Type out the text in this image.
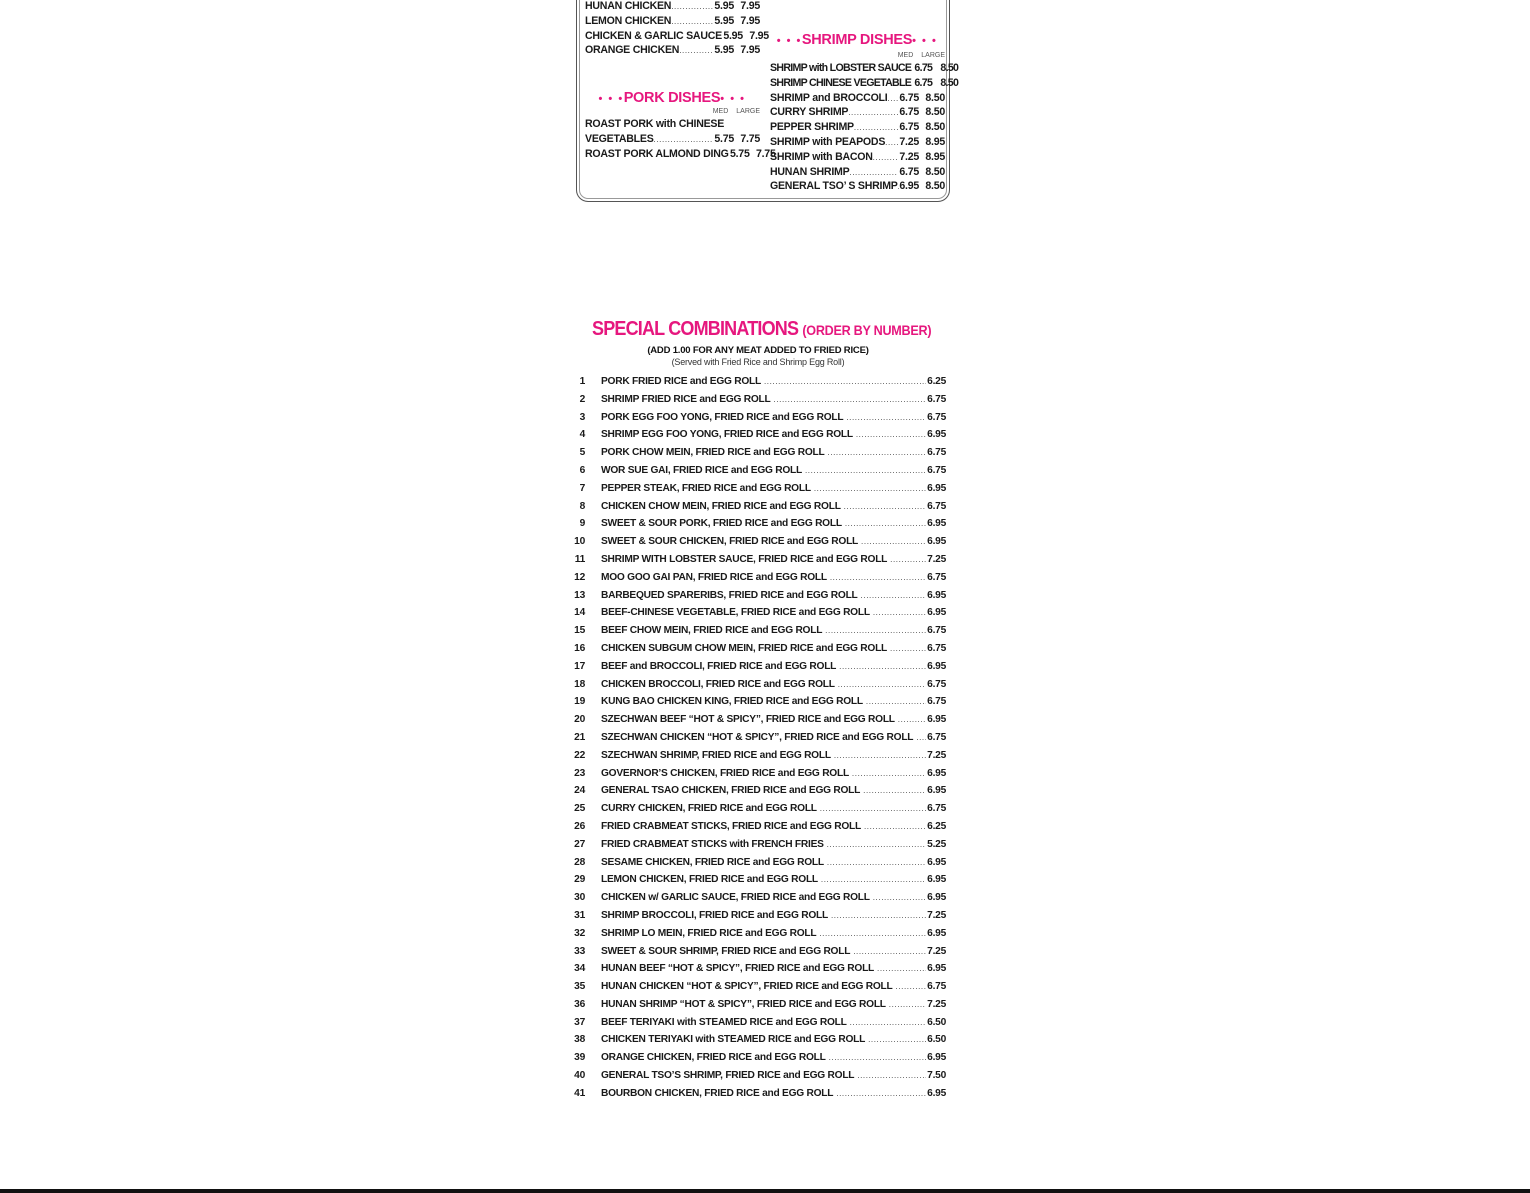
HUNAN CHICKEN .....	5.95 7.95
LEMON CHICKEN .....	5.95 7.95
CHICKEN & GARLIC SAUCE 5.95 7.95
ORANGE CHICKEN .....	5.95 7.95
• • •PORK DISHES• • •
MED LARGE
ROAST PORK with CHINESE
VEGETABLES .....	5.75 7.75
ROAST PORK ALMOND DING 5.75 7.75
• • •SHRIMP DISHES• • •
MED LARGE
SHRIMP with LOBSTER SAUCE 6.75 8.50
SHRIMP CHINESE VEGETABLE 6.75 8.50
SHRIMP and BROCCOLI ..... 6.75 8.50
CURRY SHRIMP .....	6.75 8.50
PEPPER SHRIMP .....	6.75 8.50
SHRIMP with PEAPODS ..... 7.25 8.95
SHRIMP with BACON .....	7.25 8.95
HUNAN SHRIMP .....	6.75 8.50
GENERAL TSO’ S SHRIMP ..... 6.95 8.50
SPECIAL COMBINATIONS (ORDER BY NUMBER)
(ADD 1.00 FOR ANY MEAT ADDED TO FRIED RICE)
(Served with Fried Rice and Shrimp Egg Roll)
1 PORK FRIED RICE and EGG ROLL .....	6.25
2 SHRIMP FRIED RICE and EGG ROLL .....	6.75
3 PORK EGG FOO YONG, FRIED RICE and EGG ROLL .....	6.75
4 SHRIMP EGG FOO YONG, FRIED RICE and EGG ROLL .....	6.95
5 PORK CHOW MEIN, FRIED RICE and EGG ROLL .....	6.75
6 WOR SUE GAI, FRIED RICE and EGG ROLL .....	6.75
7 PEPPER STEAK, FRIED RICE and EGG ROLL .....	6.95
8 CHICKEN CHOW MEIN, FRIED RICE and EGG ROLL .....	6.75
9 SWEET & SOUR PORK, FRIED RICE and EGG ROLL .....	6.95
10 SWEET & SOUR CHICKEN, FRIED RICE and EGG ROLL .....	6.95
11 SHRIMP WITH LOBSTER SAUCE, FRIED RICE and EGG ROLL .....	7.25
12 MOO GOO GAI PAN, FRIED RICE and EGG ROLL .....	6.75
13 BARBEQUED SPARERIBS, FRIED RICE and EGG ROLL .....	6.95
14 BEEF-CHINESE VEGETABLE, FRIED RICE and EGG ROLL .....	6.95
15 BEEF CHOW MEIN, FRIED RICE and EGG ROLL .....	6.75
16 CHICKEN SUBGUM CHOW MEIN, FRIED RICE and EGG ROLL .....	6.75
17 BEEF and BROCCOLI, FRIED RICE and EGG ROLL .....	6.95
18 CHICKEN BROCCOLI, FRIED RICE and EGG ROLL .....	6.75
19 KUNG BAO CHICKEN KING, FRIED RICE and EGG ROLL .....	6.75
20 SZECHWAN BEEF “HOT & SPICY”, FRIED RICE and EGG ROLL .....	6.95
21 SZECHWAN CHICKEN “HOT & SPICY”, FRIED RICE and EGG ROLL ..... 6.75
22 SZECHWAN SHRIMP, FRIED RICE and EGG ROLL .....	7.25
23 GOVERNOR’S CHICKEN, FRIED RICE and EGG ROLL .....	6.95
24 GENERAL TSAO CHICKEN, FRIED RICE and EGG ROLL .....	6.95
25 CURRY CHICKEN, FRIED RICE and EGG ROLL .....	6.75
26 FRIED CRABMEAT STICKS, FRIED RICE and EGG ROLL .....	6.25
27 FRIED CRABMEAT STICKS with FRENCH FRIES .....	5.25
28 SESAME CHICKEN, FRIED RICE and EGG ROLL .....	6.95
29 LEMON CHICKEN, FRIED RICE and EGG ROLL .....	6.95
30 CHICKEN w/ GARLIC SAUCE, FRIED RICE and EGG ROLL .....	6.95
31 SHRIMP BROCCOLI, FRIED RICE and EGG ROLL .....	7.25
32 SHRIMP LO MEIN, FRIED RICE and EGG ROLL .....	6.95
33 SWEET & SOUR SHRIMP, FRIED RICE and EGG ROLL .....	7.25
34 HUNAN BEEF “HOT & SPICY”, FRIED RICE and EGG ROLL .....	6.95
35 HUNAN CHICKEN “HOT & SPICY”, FRIED RICE and EGG ROLL .....	6.75
36 HUNAN SHRIMP “HOT & SPICY”, FRIED RICE and EGG ROLL .....	7.25
37 BEEF TERIYAKI with STEAMED RICE and EGG ROLL .....	6.50
38 CHICKEN TERIYAKI with STEAMED RICE and EGG ROLL .....	6.50
39 ORANGE CHICKEN, FRIED RICE and EGG ROLL .....	6.95
40 GENERAL TSO’S SHRIMP, FRIED RICE and EGG ROLL .....	7.50
41 BOURBON CHICKEN, FRIED RICE and EGG ROLL .....	6.95
